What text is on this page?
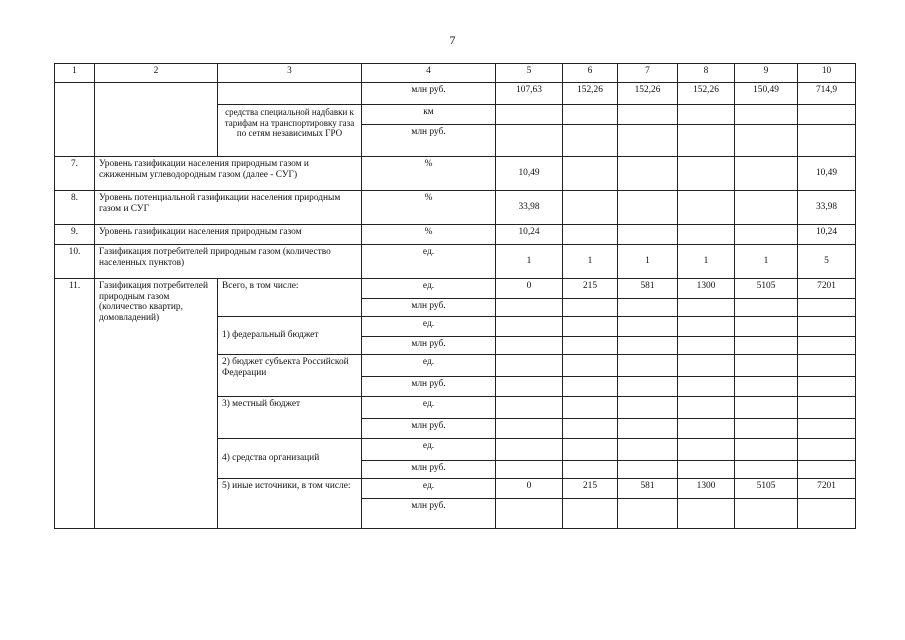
7
1	2	3	4	5	6	7	8	9	10
			млн руб.	107,63	152,26	152,26	152,26	150,49	714,9
		средства специальной надбавки к тарифам на транспортировку газа по сетям независимых ГРО	км						
			млн руб.						
7.	Уровень газификации населения природным газом и сжиженным углеводородным газом (далее - СУГ)		%	10,49					10,49
8.	Уровень потенциальной газификации населения природным газом и СУГ		%	33,98					33,98
9.	Уровень газификации населения природным газом		%	10,24					10,24
10.	Газификация потребителей природным газом (количество населенных пунктов)		ед.	1	1	1	1	1	5
11.	Газификация потребителей природным газом (количество квартир, домовладений)	Всего, в том числе:	ед.	0	215	581	1300	5105	7201
			млн руб.						
		1) федеральный бюджет	ед.						
			млн руб.						
		2) бюджет субъекта Российской Федерации	ед.						
			млн руб.						
		3) местный бюджет	ед.						
			млн руб.						
		4) средства организаций	ед.						
			млн руб.						
		5) иные источники, в том числе:	ед.	0	215	581	1300	5105	7201
			млн руб.						
